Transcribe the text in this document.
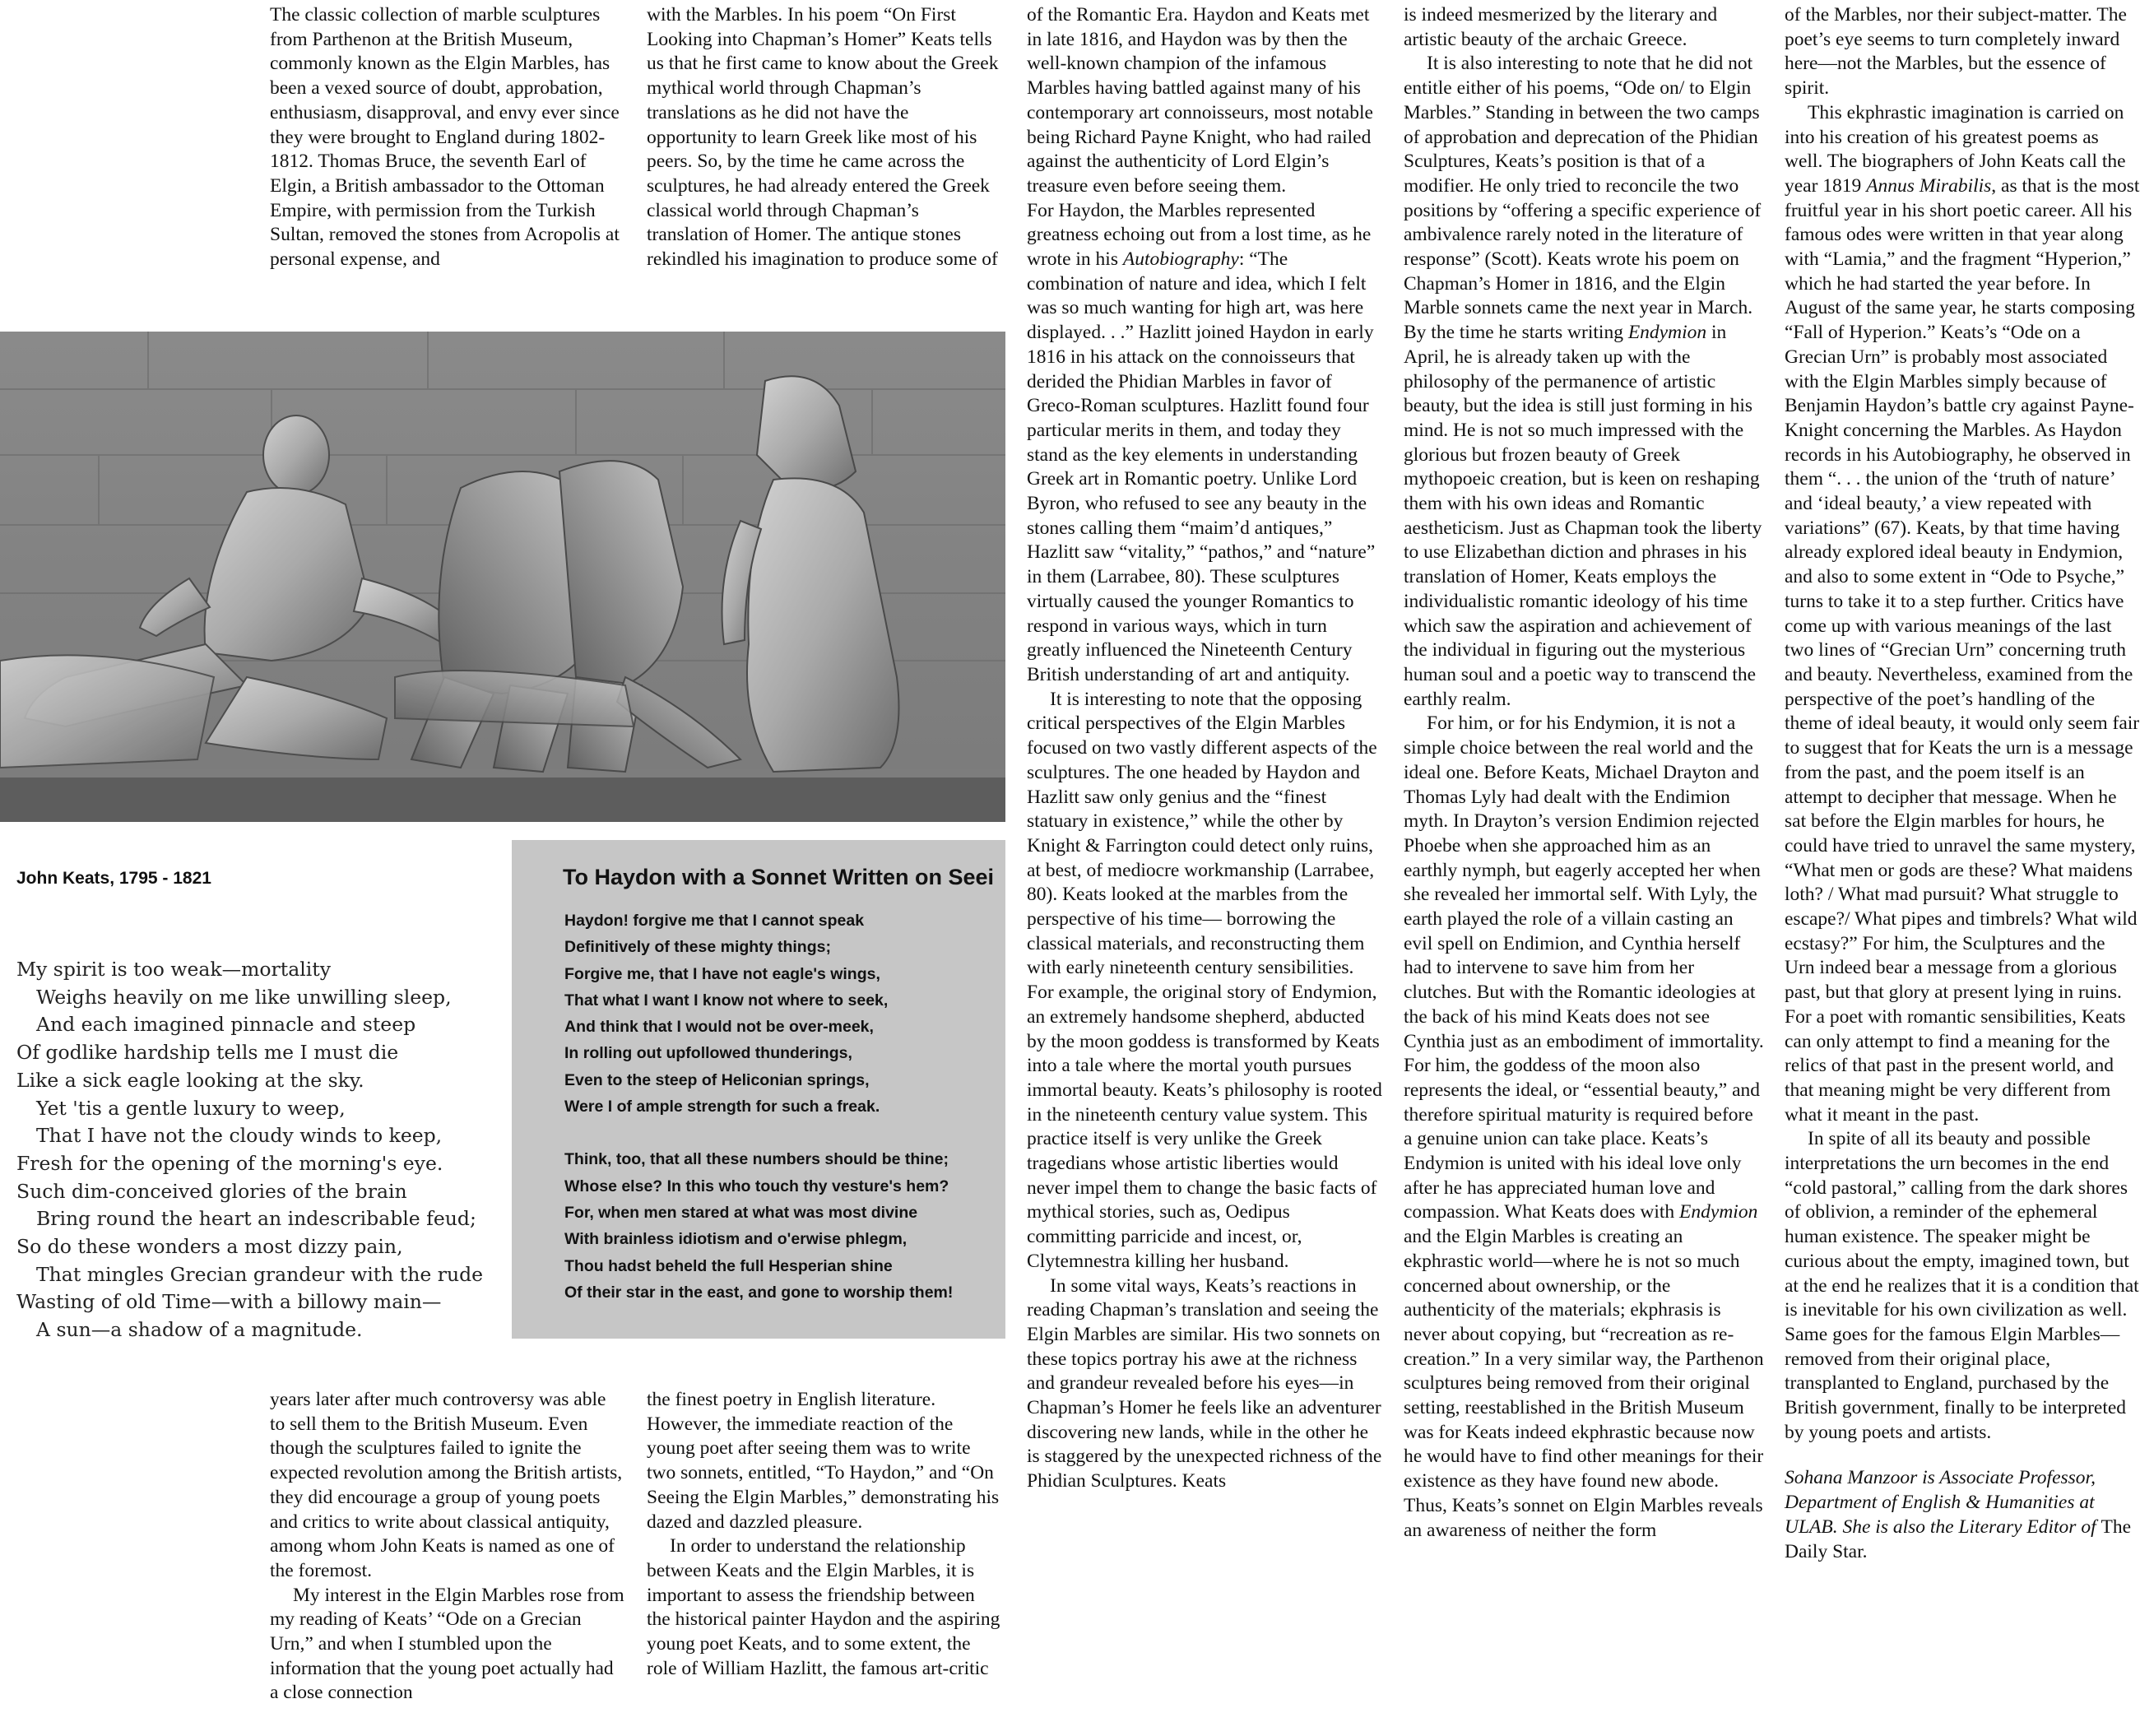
The classic collection of marble sculptures from Parthenon at the British Museum, commonly known as the Elgin Marbles, has been a vexed source of doubt, approbation, enthusiasm, disapproval, and envy ever since they were brought to England during 1802-1812. Thomas Bruce, the seventh Earl of Elgin, a British ambassador to the Ottoman Empire, with permission from the Turkish Sultan, removed the stones from Acropolis at personal expense, and

with the Marbles. In his poem “On First Looking into Chapman’s Homer” Keats tells us that he first came to know about the Greek mythical world through Chapman’s translations as he did not have the opportunity to learn Greek like most of his peers. So, by the time he came across the sculptures, he had already entered the Greek classical world through Chapman’s translation of Homer. The antique stones rekindled his imagination to produce some of

of the Romantic Era. Haydon and Keats met in late 1816, and Haydon was by then the well-known champion of the infamous Marbles having battled against many of his contemporary art connoisseurs, most notable being Richard Payne Knight, who had railed against the authenticity of Lord Elgin’s treasure even before seeing them.

For Haydon, the Marbles represented greatness echoing out from a lost time, as he wrote in his Autobiography: “The combination of nature and idea, which I felt was so much wanting for high art, was here displayed. . .” Hazlitt joined Haydon in early 1816 in his attack on the connoisseurs that derided the Phidian Marbles in favor of Greco-Roman sculptures. Hazlitt found four particular merits in them, and today they stand as the key elements in understanding Greek art in Romantic poetry. Unlike Lord Byron, who refused to see any beauty in the stones calling them “maim’d antiques,” Hazlitt saw “vitality,” “pathos,” and “nature” in them (Larrabee, 80). These sculptures virtually caused the younger Romantics to respond in various ways, which in turn greatly influenced the Nineteenth Century British understanding of art and antiquity.

It is interesting to note that the opposing critical perspectives of the Elgin Marbles focused on two vastly different aspects of the sculptures. The one headed by Haydon and Hazlitt saw only genius and the “finest statuary in existence,” while the other by Knight & Farrington could detect only ruins, at best, of mediocre workmanship (Larrabee, 80). Keats looked at the marbles from the perspective of his time— borrowing the classical materials, and reconstructing them with early nineteenth century sensibilities. For example, the original story of Endymion, an extremely handsome shepherd, abducted by the moon goddess is transformed by Keats into a tale where the mortal youth pursues immortal beauty. Keats’s philosophy is rooted in the nineteenth century value system. This practice itself is very unlike the Greek tragedians whose artistic liberties would never impel them to change the basic facts of mythical stories, such as, Oedipus committing parricide and incest, or, Clytemnestra killing her husband.

In some vital ways, Keats’s reactions in reading Chapman’s translation and seeing the Elgin Marbles are similar. His two sonnets on these topics portray his awe at the richness and grandeur revealed before his eyes—in Chapman’s Homer he feels like an adventurer discovering new lands, while in the other he is staggered by the unexpected richness of the Phidian Sculptures. Keats

is indeed mesmerized by the literary and artistic beauty of the archaic Greece.

It is also interesting to note that he did not entitle either of his poems, “Ode on/ to Elgin Marbles.” Standing in between the two camps of approbation and deprecation of the Phidian Sculptures, Keats’s position is that of a modifier. He only tried to reconcile the two positions by “offering a specific experience of ambivalence rarely noted in the literature of response” (Scott). Keats wrote his poem on Chapman’s Homer in 1816, and the Elgin Marble sonnets came the next year in March. By the time he starts writing Endymion in April, he is already taken up with the philosophy of the permanence of artistic beauty, but the idea is still just forming in his mind. He is not so much impressed with the glorious but frozen beauty of Greek mythopoeic creation, but is keen on reshaping them with his own ideas and Romantic aestheticism. Just as Chapman took the liberty to use Elizabethan diction and phrases in his translation of Homer, Keats employs the individualistic romantic ideology of his time which saw the aspiration and achievement of the individual in figuring out the mysterious human soul and a poetic way to transcend the earthly realm.

For him, or for his Endymion, it is not a simple choice between the real world and the ideal one. Before Keats, Michael Drayton and Thomas Lyly had dealt with the Endimion myth. In Drayton’s version Endimion rejected Phoebe when she approached him as an earthly nymph, but eagerly accepted her when she revealed her immortal self. With Lyly, the earth played the role of a villain casting an evil spell on Endimion, and Cynthia herself had to intervene to save him from her clutches. But with the Romantic ideologies at the back of his mind Keats does not see Cynthia just as an embodiment of immortality. For him, the goddess of the moon also represents the ideal, or “essential beauty,” and therefore spiritual maturity is required before a genuine union can take place. Keats’s Endymion is united with his ideal love only after he has appreciated human love and compassion. What Keats does with Endymion and the Elgin Marbles is creating an ekphrastic world—where he is not so much concerned about ownership, or the authenticity of the materials; ekphrasis is never about copying, but “recreation as re-creation.” In a very similar way, the Parthenon sculptures being removed from their original setting, reestablished in the British Museum was for Keats indeed ekphrastic because now he would have to find other meanings for their existence as they have found new abode. Thus, Keats’s sonnet on Elgin Marbles reveals an awareness of neither the form

of the Marbles, nor their subject-matter. The poet’s eye seems to turn completely inward here—not the Marbles, but the essence of spirit.

This ekphrastic imagination is carried on into his creation of his greatest poems as well. The biographers of John Keats call the year 1819 Annus Mirabilis, as that is the most fruitful year in his short poetic career. All his famous odes were written in that year along with “Lamia,” and the fragment “Hyperion,” which he had started the year before. In August of the same year, he starts composing “Fall of Hyperion.” Keats’s “Ode on a Grecian Urn” is probably most associated with the Elgin Marbles simply because of Benjamin Haydon’s battle cry against Payne-Knight concerning the Marbles. As Haydon records in his Autobiography, he observed in them “. . . the union of the ‘truth of nature’ and ‘ideal beauty,’ a view repeated with variations” (67). Keats, by that time having already explored ideal beauty in Endymion, and also to some extent in “Ode to Psyche,” turns to take it to a step further. Critics have come up with various meanings of the last two lines of “Grecian Urn” concerning truth and beauty. Nevertheless, examined from the perspective of the poet’s handling of the theme of ideal beauty, it would only seem fair to suggest that for Keats the urn is a message from the past, and the poem itself is an attempt to decipher that message. When he sat before the Elgin marbles for hours, he could have tried to unravel the same mystery, “What men or gods are these? What maidens loth? / What mad pursuit? What struggle to escape?/ What pipes and timbrels? What wild ecstasy?” For him, the Sculptures and the Urn indeed bear a message from a glorious past, but that glory at present lying in ruins. For a poet with romantic sensibilities, Keats can only attempt to find a meaning for the relics of that past in the present world, and that meaning might be very different from what it meant in the past.

In spite of all its beauty and possible interpretations the urn becomes in the end “cold pastoral,” calling from the dark shores of oblivion, a reminder of the ephemeral human existence. The speaker might be curious about the empty, imagined town, but at the end he realizes that it is a condition that is inevitable for his own civilization as well. Same goes for the famous Elgin Marbles—removed from their original place, transplanted to England, purchased by the British government, finally to be interpreted by young poets and artists.

Sohana Manzoor is Associate Professor, Department of English & Humanities at ULAB. She is also the Literary Editor of The Daily Star.

years later after much controversy was able to sell them to the British Museum. Even though the sculptures failed to ignite the expected revolution among the British artists, they did encourage a group of young poets and critics to write about classical antiquity, among whom John Keats is named as one of the foremost.

My interest in the Elgin Marbles rose from my reading of Keats’ “Ode on a Grecian Urn,” and when I stumbled upon the information that the young poet actually had a close connection

the finest poetry in English literature. However, the immediate reaction of the young poet after seeing them was to write two sonnets, entitled, “To Haydon,” and “On Seeing the Elgin Marbles,” demonstrating his dazed and dazzled pleasure.

In order to understand the relationship between Keats and the Elgin Marbles, it is important to assess the friendship between the historical painter Haydon and the aspiring young poet Keats, and to some extent, the role of William Hazlitt, the famous art-critic

John Keats, 1795 - 1821
My spirit is too weak—mortality
Weighs heavily on me like unwilling sleep,
And each imagined pinnacle and steep
Of godlike hardship tells me I must die
Like a sick eagle looking at the sky.
Yet 'tis a gentle luxury to weep,
That I have not the cloudy winds to keep,
Fresh for the opening of the morning's eye.
Such dim-conceived glories of the brain
Bring round the heart an indescribable feud;
So do these wonders a most dizzy pain,
That mingles Grecian grandeur with the rude
Wasting of old Time—with a billowy main—
A sun—a shadow of a magnitude.
To Haydon with a Sonnet Written on Seei
Haydon! forgive me that I cannot speak
Definitively of these mighty things;
Forgive me, that I have not eagle's wings,
That what I want I know not where to seek,
And think that I would not be over-meek,
In rolling out upfollowed thunderings,
Even to the steep of Heliconian springs,
Were I of ample strength for such a freak.
Think, too, that all these numbers should be thine;
Whose else? In this who touch thy vesture's hem?
For, when men stared at what was most divine
With brainless idiotism and o'erwise phlegm,
Thou hadst beheld the full Hesperian shine
Of their star in the east, and gone to worship them!
